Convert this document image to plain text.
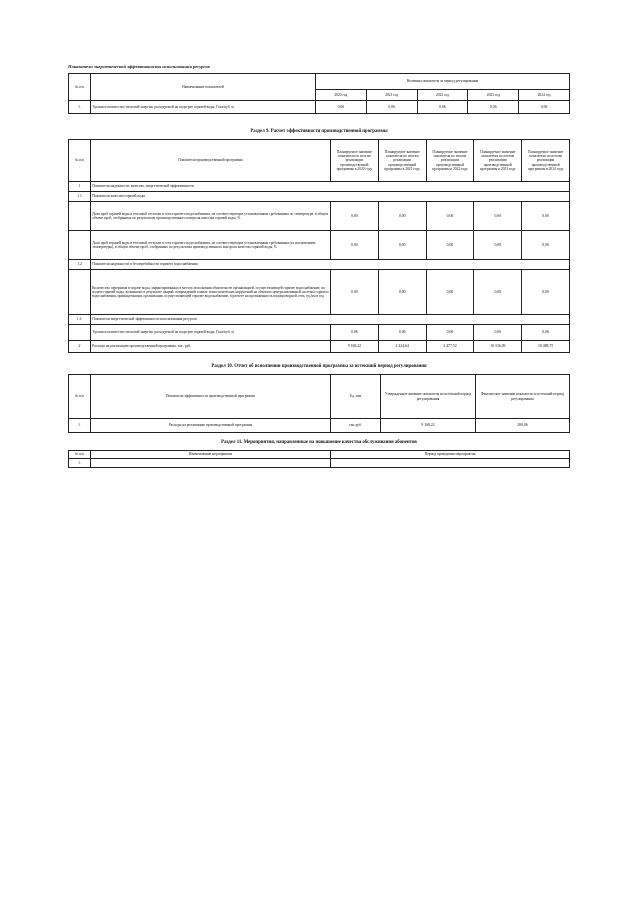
Показатели энергетической эффективности использования ресурсов
№ п/п	Наименование показателей	Величина показателя за период регулирования				
		2020 год	2021 год	2022 год	2023 год	2024 год
1.	Удельное количество тепловой энергии, расходуемой на подогрев горячей воды, Гкал/куб. м	0,06	0,06	0,06	0,06	0,06
Раздел 9. Расчет эффективности производственной программы
№ п/п	Показатели производственной программы	Планируемое значение показателя по итогам реализации производственной программы в 2020 году	Планируемое значение показателя по итогам реализации производственной программы в 2021 году	Планируемое значение показателя по итогам реализации производственной программы в 2022 году	Планируемое значение показателя по итогам реализации производственной программы в 2023 году	Планируемое значение показателя по итогам реализации производственной программы в 2024 году
1	Показатели надежности, качества, энергетической эффективности					
1.1	Показатели качества горячей воды					
	Доля проб горячей воды в тепловой сети или в сети горячего водоснабжения, не соответствующих установленным требованиям по температуре, в общем объеме проб, отобранных по результатам производственного контроля качества горячей воды, %	0,00	0,00	0,00	0,00	0,00
	Доля проб горячей воды в тепловой сети или в сети горячего водоснабжения, не соответствующих установленным требованиям (за исключением температуры), в общем объеме проб, отобранных по результатам производственного контроля качества горячей воды, %	0,00	0,00	0,00	0,00	0,00
1.2	Показатели надежности и бесперебойности горячего водоснабжения					
	Количество перерывов в подаче воды, зафиксированных в местах исполнения обязательств организацией, осуществляющей горячее водоснабжение, по подаче горячей воды, возникших в результате аварий, повреждений и иных технологических нарушений на объектах централизованной системы горячего водоснабжения, принадлежащих организации, осуществляющей горячее водоснабжение, в расчете на протяженность водопроводной сети, ед./км в год	0,00	0,00	0,00	0,00	0,00
1.3.	Показатели энергетической эффективности использования ресурсов					
	Удельное количество тепловой энергии, расходуемой на подогрев горячей воды, Гкал/куб. м	0,06	0,06	0,06	0,06	0,06
2	Расходы на реализацию производственной программы, тыс. руб.	9 168,22	2 424,64	2 477,52	10 336,09	10 488,75
Раздел 10. Отчет об исполнении производственной программы за истекший период регулирования
№ п/п	Показатели эффективности производственной программы	Ед. изм	Утвержденное значение показателя на истекший период регулирования	Фактическое значение показателя за истекший период регулирования
1.	Расходы на реализацию производственной программы	тыс.руб.	9 168,22	200,06
Раздел 11. Мероприятия, направленные на повышение качества обслуживания абонентов
№ п/п	Наименование мероприятия	Период проведения мероприятия
1.		
